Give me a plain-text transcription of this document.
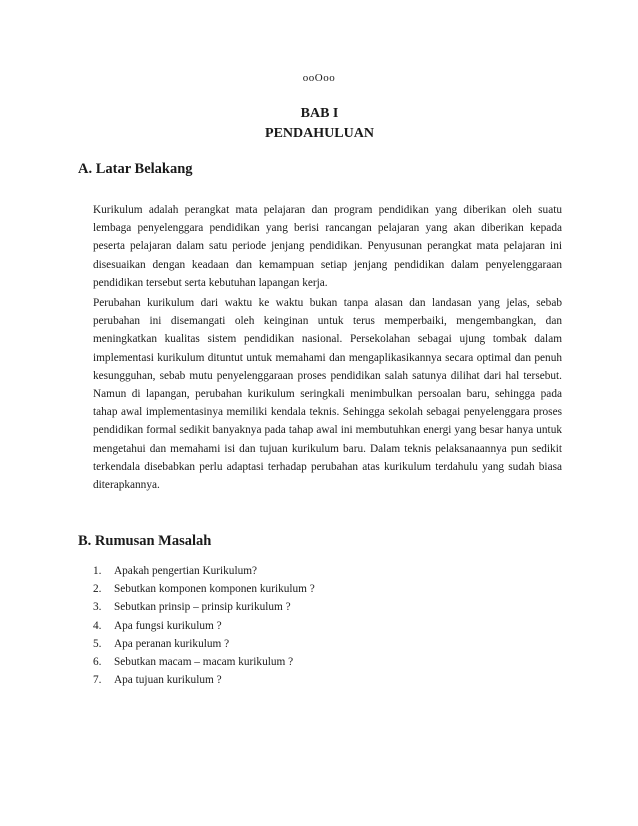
ooOoo
BAB I
PENDAHULUAN
A. Latar Belakang

Kurikulum adalah perangkat mata pelajaran dan program pendidikan yang diberikan oleh suatu lembaga penyelenggara pendidikan yang berisi rancangan pelajaran yang akan diberikan kepada peserta pelajaran dalam satu periode jenjang pendidikan. Penyusunan perangkat mata pelajaran ini disesuaikan dengan keadaan dan kemampuan setiap jenjang pendidikan dalam penyelenggaraan pendidikan tersebut serta kebutuhan lapangan kerja.

Perubahan kurikulum dari waktu ke waktu bukan tanpa alasan dan landasan yang jelas, sebab perubahan ini disemangati oleh keinginan untuk terus memperbaiki, mengembangkan, dan meningkatkan kualitas sistem pendidikan nasional. Persekolahan sebagai ujung tombak dalam implementasi kurikulum dituntut untuk memahami dan mengaplikasikannya secara optimal dan penuh kesungguhan, sebab mutu penyelenggaraan proses pendidikan salah satunya dilihat dari hal tersebut. Namun di lapangan, perubahan kurikulum seringkali menimbulkan persoalan baru, sehingga pada tahap awal implementasinya memiliki kendala teknis. Sehingga sekolah sebagai penyelenggara proses pendidikan formal sedikit banyaknya pada tahap awal ini membutuhkan energi yang besar hanya untuk mengetahui dan memahami isi dan tujuan kurikulum baru. Dalam teknis pelaksanaannya pun sedikit terkendala disebabkan perlu adaptasi terhadap perubahan atas kurikulum terdahulu yang sudah biasa diterapkannya.

B. Rumusan Masalah
1.	Apakah pengertian Kurikulum?
2.	Sebutkan komponen komponen kurikulum ?
3.	Sebutkan prinsip – prinsip kurikulum ?
4.	Apa fungsi kurikulum ?
5.	Apa peranan kurikulum ?
6.	Sebutkan macam – macam kurikulum ?
7.	Apa tujuan kurikulum ?
